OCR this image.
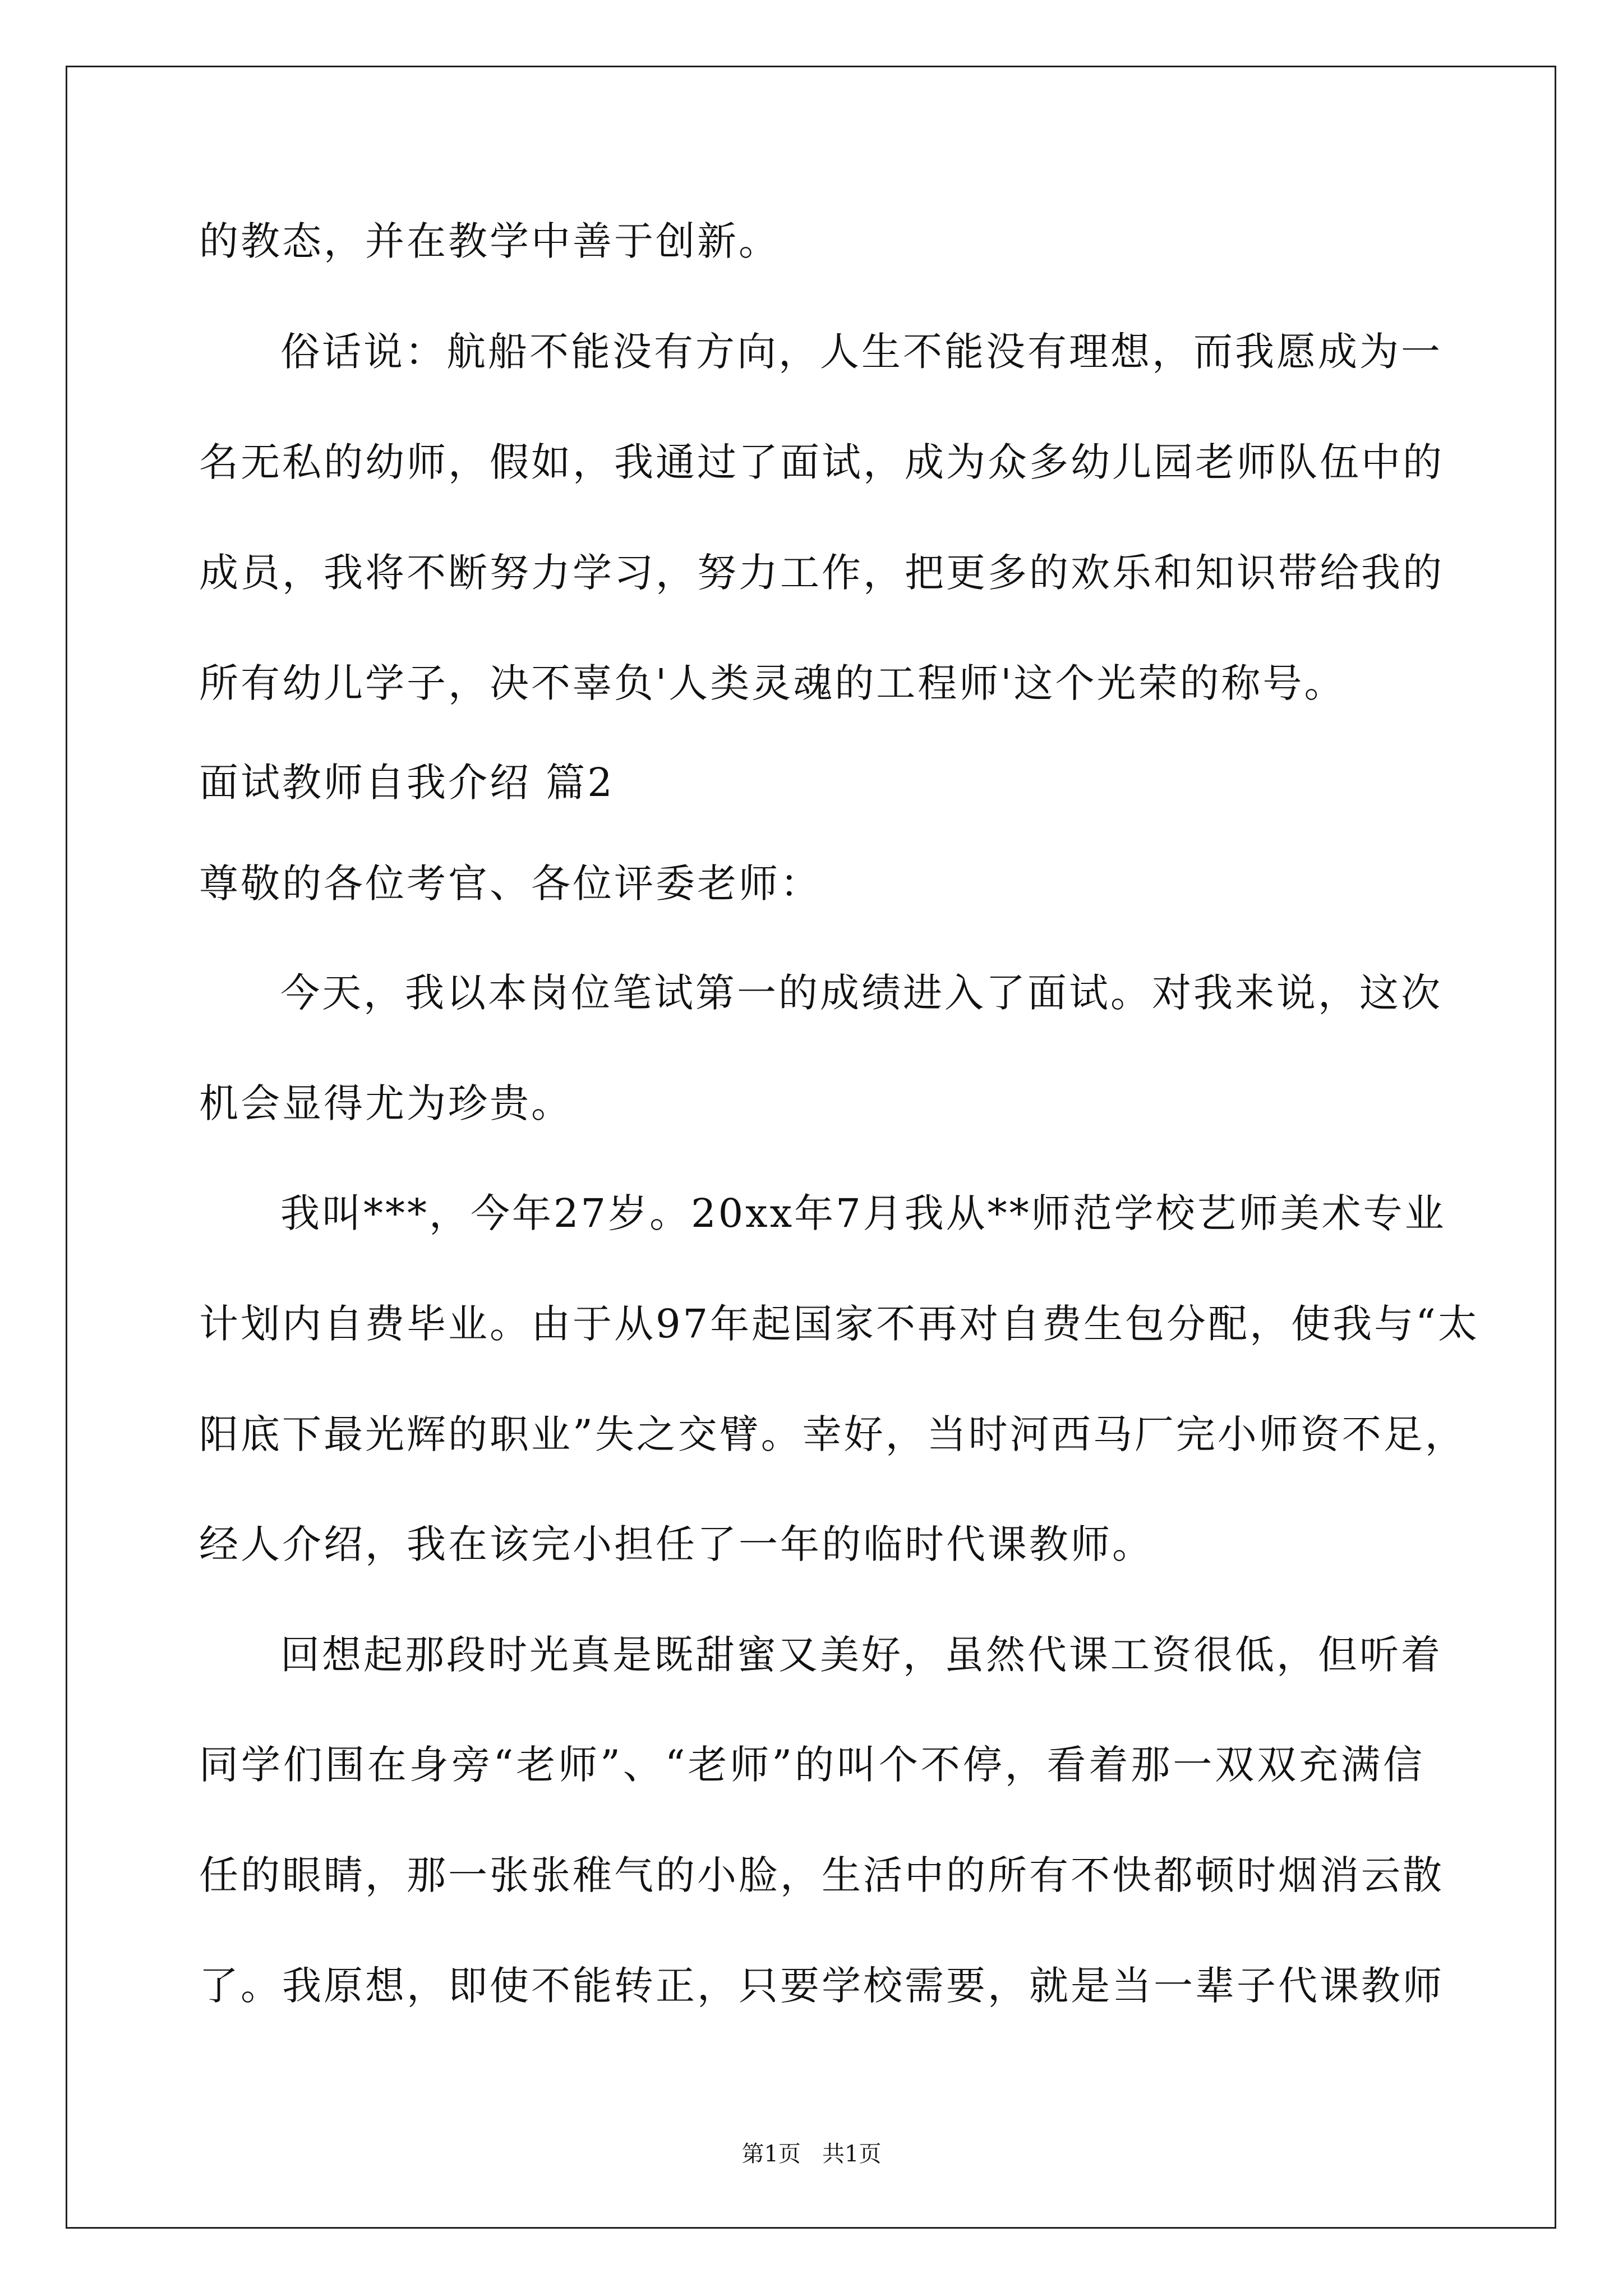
的教态，并在教学中善于创新。
俗话说：航船不能没有方向，人生不能没有理想，而我愿成为一
名无私的幼师，假如，我通过了面试，成为众多幼儿园老师队伍中的
成员，我将不断努力学习，努力工作，把更多的欢乐和知识带给我的
所有幼儿学子，决不辜负'人类灵魂的工程师'这个光荣的称号。
面试教师自我介绍 篇2
尊敬的各位考官、各位评委老师：
今天，我以本岗位笔试第一的成绩进入了面试。对我来说，这次
机会显得尤为珍贵。
我叫***，今年27岁。20xx年7月我从**师范学校艺师美术专业
计划内自费毕业。由于从97年起国家不再对自费生包分配，使我与“太
阳底下最光辉的职业”失之交臂。幸好，当时河西马厂完小师资不足，
经人介绍，我在该完小担任了一年的临时代课教师。
回想起那段时光真是既甜蜜又美好，虽然代课工资很低，但听着
同学们围在身旁“老师”、“老师”的叫个不停，看着那一双双充满信
任的眼睛，那一张张稚气的小脸，生活中的所有不快都顿时烟消云散
了。我原想，即使不能转正，只要学校需要，就是当一辈子代课教师
第1页   共1页
